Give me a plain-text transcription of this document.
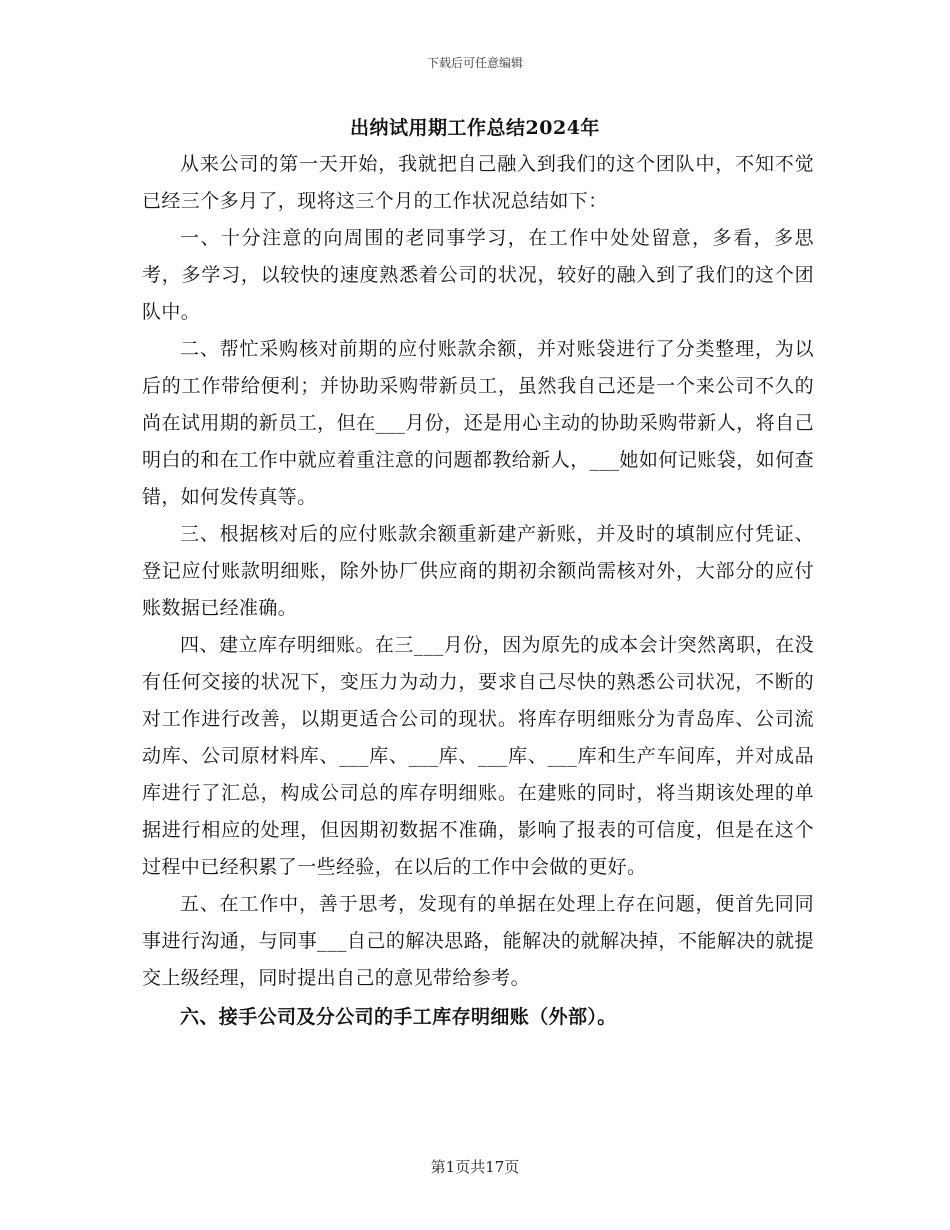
下载后可任意编辑
出纳试用期工作总结2024年

从来公司的第一天开始，我就把自己融入到我们的这个团队中，不知不觉已经三个多月了，现将这三个月的工作状况总结如下：

一、十分注意的向周围的老同事学习，在工作中处处留意，多看，多思考，多学习，以较快的速度熟悉着公司的状况，较好的融入到了我们的这个团队中。

二、帮忙采购核对前期的应付账款余额，并对账袋进行了分类整理，为以后的工作带给便利；并协助采购带新员工，虽然我自己还是一个来公司不久的尚在试用期的新员工，但在___月份，还是用心主动的协助采购带新人，将自己明白的和在工作中就应着重注意的问题都教给新人，___她如何记账袋，如何查错，如何发传真等。

三、根据核对后的应付账款余额重新建产新账，并及时的填制应付凭证、登记应付账款明细账，除外协厂供应商的期初余额尚需核对外，大部分的应付账数据已经准确。

四、建立库存明细账。在三___月份，因为原先的成本会计突然离职，在没有任何交接的状况下，变压力为动力，要求自己尽快的熟悉公司状况，不断的对工作进行改善，以期更适合公司的现状。将库存明细账分为青岛库、公司流动库、公司原材料库、___库、___库、___库、___库和生产车间库，并对成品库进行了汇总，构成公司总的库存明细账。在建账的同时，将当期该处理的单据进行相应的处理，但因期初数据不准确，影响了报表的可信度，但是在这个过程中已经积累了一些经验，在以后的工作中会做的更好。

五、在工作中，善于思考，发现有的单据在处理上存在问题，便首先同同事进行沟通，与同事___自己的解决思路，能解决的就解决掉，不能解决的就提交上级经理，同时提出自己的意见带给参考。

六、接手公司及分公司的手工库存明细账（外部）。

第1页共17页
